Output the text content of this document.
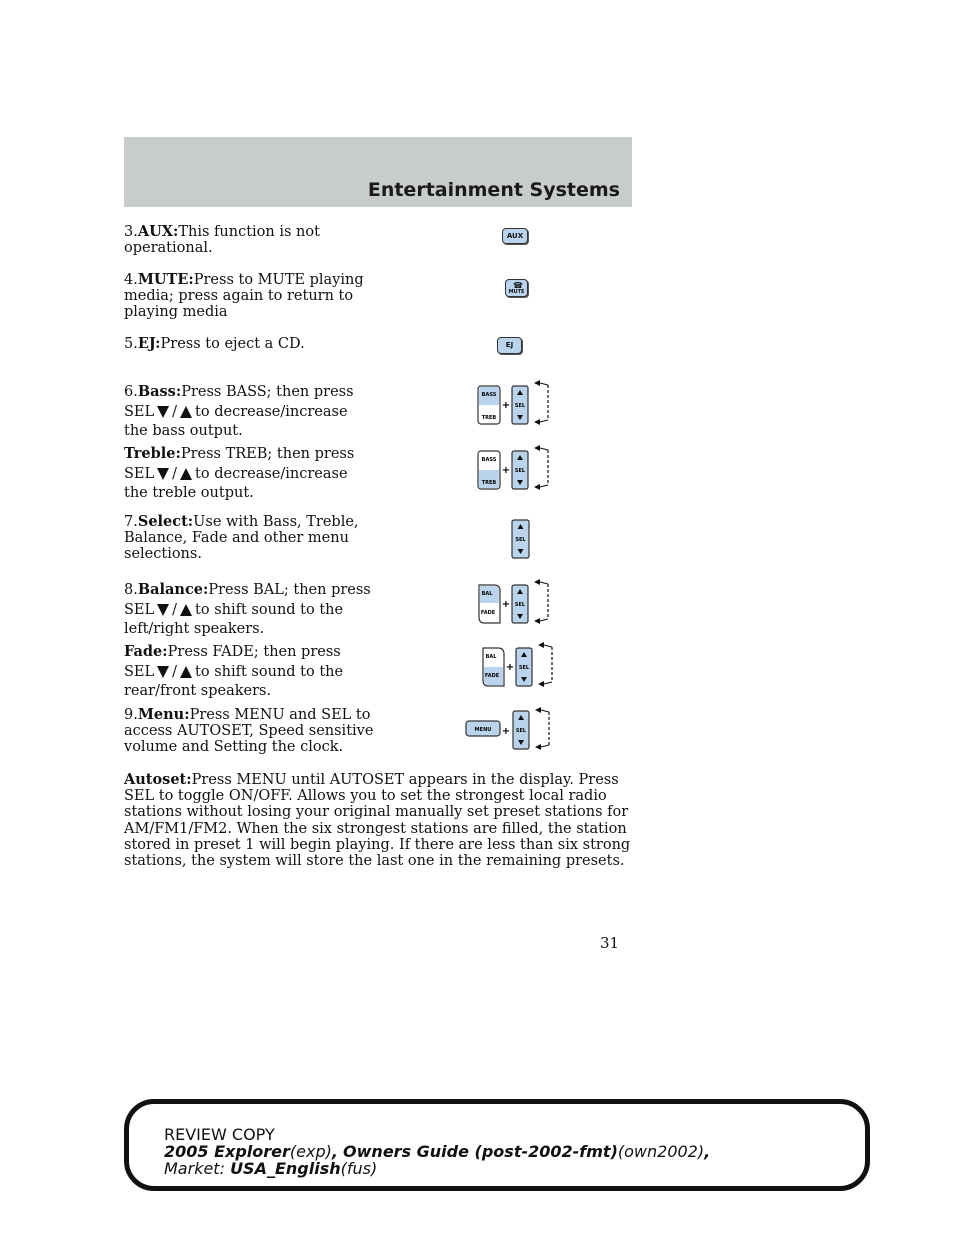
Entertainment Systems
3.AUX:This function is not operational.
AUX
4.MUTE:Press to MUTE playing media; press again to return to playing media
☎
MUTE
5.EJ:Press to eject a CD.	EJ
6.Bass:Press BASS; then press
SEL / to decrease/increase
the bass output.
BASS
TREB
+ SEL
Treble:Press TREB; then press
SEL / to decrease/increase
the treble output.
BASS
TREB
+ SEL
7.Select:Use with Bass, Treble, Balance, Fade and other menu selections.
SEL
8.Balance:Press BAL; then press
SEL / to shift sound to the
left/right speakers.
BAL
FADE
+ SEL
Fade:Press FADE; then press
SEL / to shift sound to the
rear/front speakers.
BAL
FADE
+ SEL
9.Menu:Press MENU and SEL to access AUTOSET, Speed sensitive volume and Setting the clock.
MENU + SEL
Autoset:Press MENU until AUTOSET appears in the display. Press SEL to toggle ON/OFF. Allows you to set the strongest local radio stations without losing your original manually set preset stations for AM/FM1/FM2. When the six strongest stations are filled, the station stored in preset 1 will begin playing. If there are less than six strong stations, the system will store the last one in the remaining presets.
31
REVIEW COPY
2005 Explorer(exp), Owners Guide (post-2002-fmt)(own2002),
Market: USA_English(fus)
